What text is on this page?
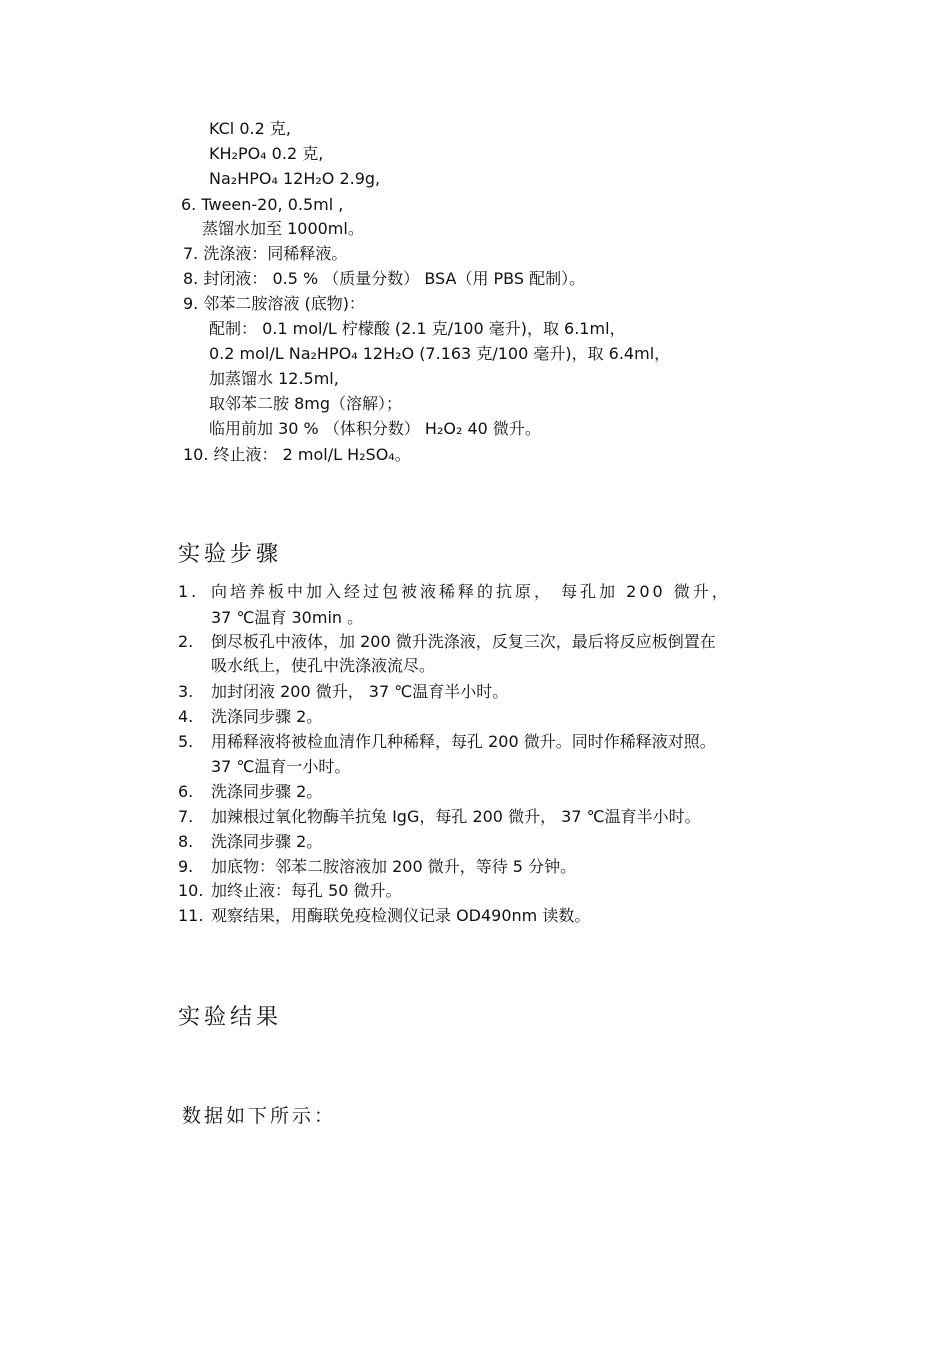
KCl 0.2 克,

KH₂PO₄ 0.2 克,

Na₂HPO₄ 12H₂O 2.9g,

6. Tween-20, 0.5ml ,

蒸馏水加至 1000ml。

7. 洗涤液：同稀释液。

8. 封闭液： 0.5 % （质量分数） BSA（用 PBS 配制）。

9. 邻苯二胺溶液 (底物)：

配制： 0.1 mol/L 柠檬酸 (2.1 克/100 毫升)，取 6.1ml，

0.2 mol/L Na₂HPO₄ 12H₂O (7.163 克/100 毫升)，取 6.4ml，

加蒸馏水 12.5ml,

取邻苯二胺 8mg（溶解）；

临用前加 30 % （体积分数） H₂O₂ 40 微升。

10. 终止液： 2 mol/L H₂SO₄。

实验步骤

1. 向培养板中加入经过包被液稀释的抗原， 每孔加 200 微升，

37 ℃温育 30min 。

2. 倒尽板孔中液体，加 200 微升洗涤液，反复三次，最后将反应板倒置在

吸水纸上，使孔中洗涤液流尽。

3. 加封闭液 200 微升， 37 ℃温育半小时。

4. 洗涤同步骤 2。

5. 用稀释液将被检血清作几种稀释，每孔 200 微升。同时作稀释液对照。

37 ℃温育一小时。

6. 洗涤同步骤 2。

7. 加辣根过氧化物酶羊抗兔 IgG，每孔 200 微升， 37 ℃温育半小时。

8. 洗涤同步骤 2。

9. 加底物：邻苯二胺溶液加 200 微升，等待 5 分钟。

10. 加终止液：每孔 50 微升。

11. 观察结果，用酶联免疫检测仪记录 OD490nm 读数。

实验结果

数据如下所示：
